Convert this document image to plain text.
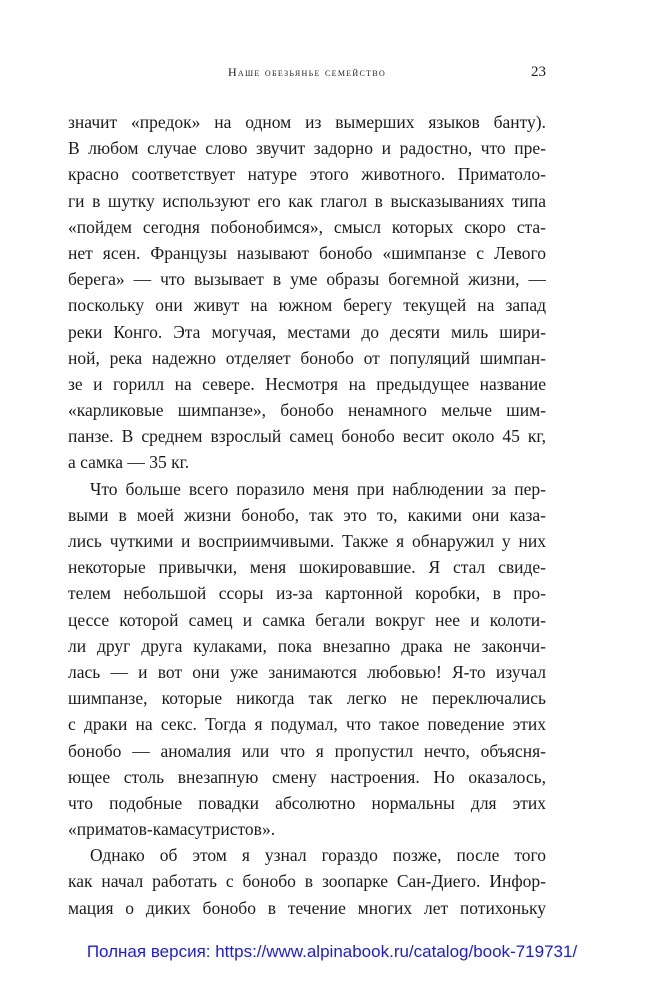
Наше обезьянье семейство	23
значит «предок» на одном из вымерших языков банту).
В любом случае слово звучит задорно и радостно, что пре-
красно соответствует натуре этого животного. Приматоло-
ги в шутку используют его как глагол в высказываниях типа
«пойдем сегодня побонобимся», смысл которых скоро ста-
нет ясен. Французы называют бонобо «шимпанзе с Левого
берега» — что вызывает в уме образы богемной жизни, —
поскольку они живут на южном берегу текущей на запад
реки Конго. Эта могучая, местами до десяти миль шири-
ной, река надежно отделяет бонобо от популяций шимпан-
зе и горилл на севере. Несмотря на предыдущее название
«карликовые шимпанзе», бонобо ненамного мельче шим-
панзе. В среднем взрослый самец бонобо весит около 45 кг,
а самка — 35 кг.
Что больше всего поразило меня при наблюдении за пер-
выми в моей жизни бонобо, так это то, какими они каза-
лись чуткими и восприимчивыми. Также я обнаружил у них
некоторые привычки, меня шокировавшие. Я стал свиде-
телем небольшой ссоры из-за картонной коробки, в про-
цессе которой самец и самка бегали вокруг нее и колоти-
ли друг друга кулаками, пока внезапно драка не закончи-
лась — и вот они уже занимаются любовью! Я-то изучал
шимпанзе, которые никогда так легко не переключались
с драки на секс. Тогда я подумал, что такое поведение этих
бонобо — аномалия или что я пропустил нечто, объясня-
ющее столь внезапную смену настроения. Но оказалось,
что подобные повадки абсолютно нормальны для этих
«приматов-камасутристов».
Однако об этом я узнал гораздо позже, после того
как начал работать с бонобо в зоопарке Сан-Диего. Инфор-
мация о диких бонобо в течение многих лет потихоньку
Полная версия: https://www.alpinabook.ru/catalog/book-719731/
